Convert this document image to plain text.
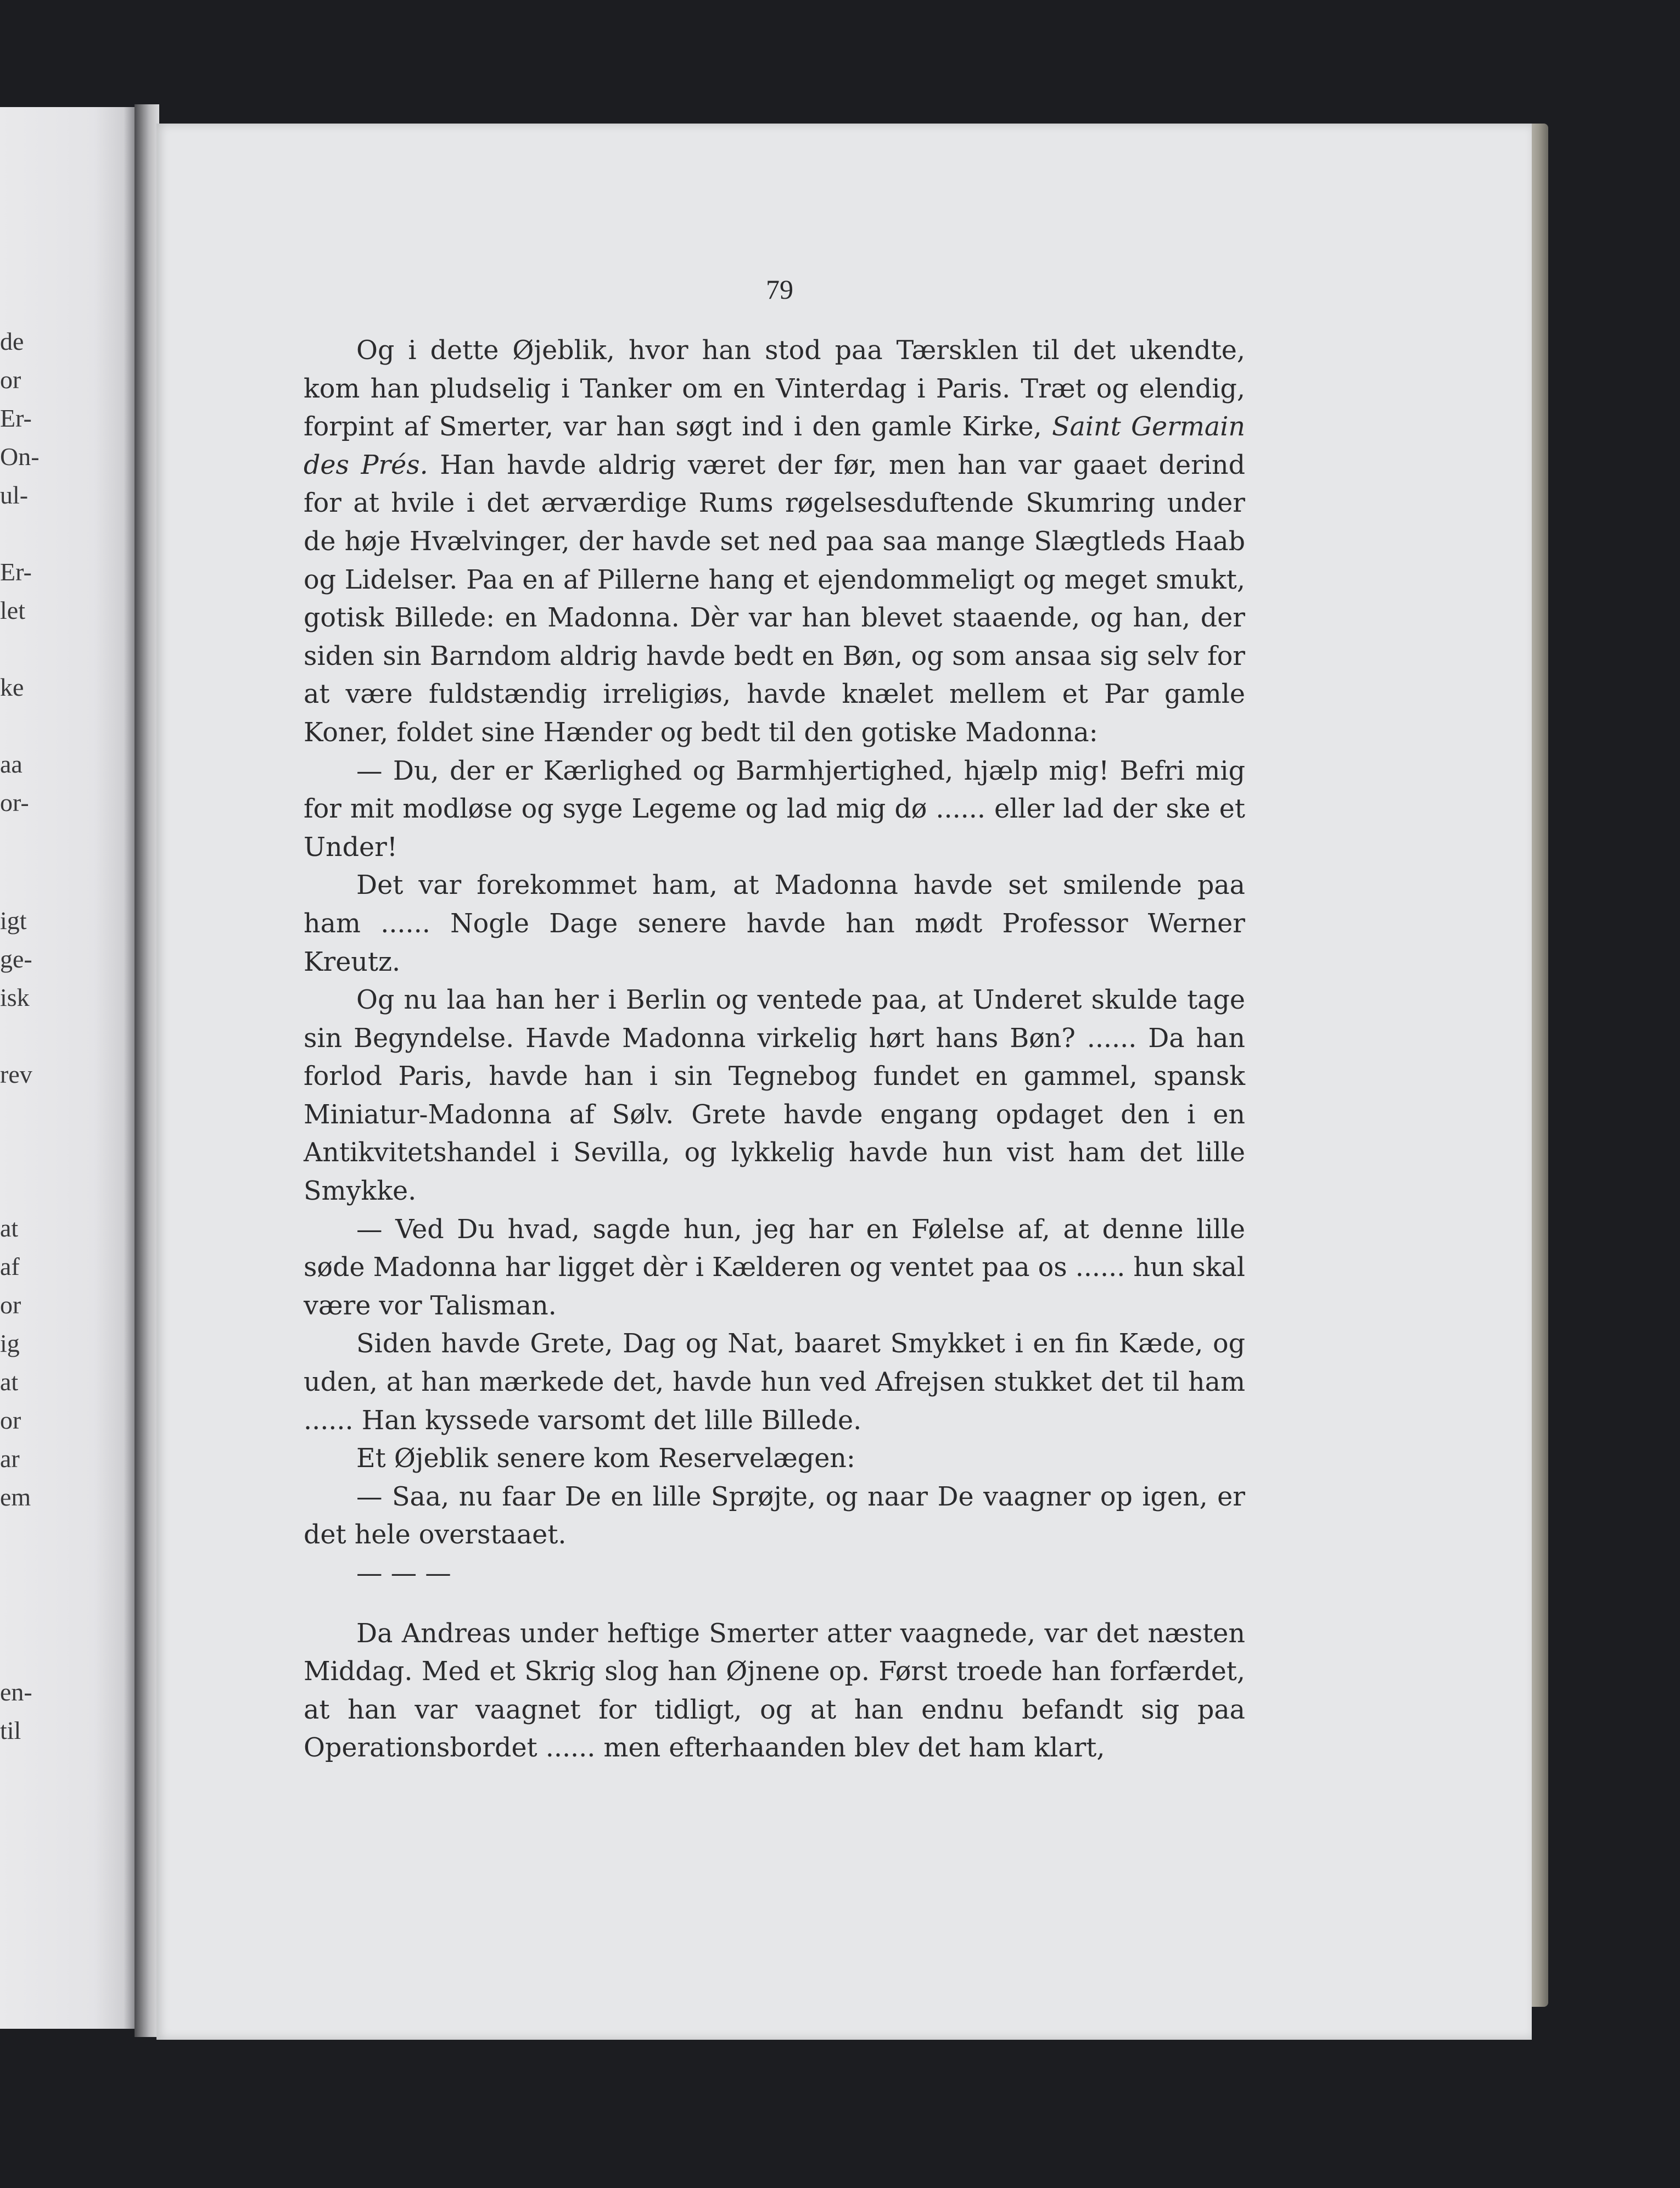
de
or
Er-
On-
ul-
Er-
let
ke
aa
or-
igt
ge-
isk
rev
at
af
or
ig
at
or
ar
em
en-
til
79

Og i dette Øjeblik, hvor han stod paa Tærsklen til det ukendte, kom han pludselig i Tanker om en Vinterdag i Paris. Træt og elendig, forpint af Smerter, var han søgt ind i den gamle Kirke, Saint Germain des Prés. Han havde aldrig været der før, men han var gaaet derind for at hvile i det ærværdige Rums røgelsesduftende Skumring under de høje Hvælvinger, der havde set ned paa saa mange Slægtleds Haab og Lidelser. Paa en af Pillerne hang et ejendommeligt og meget smukt, gotisk Billede: en Madonna. Dèr var han blevet staaende, og han, der siden sin Barndom aldrig havde bedt en Bøn, og som ansaa sig selv for at være fuldstændig irreligiøs, havde knælet mellem et Par gamle Koner, foldet sine Hænder og bedt til den gotiske Madonna:

— Du, der er Kærlighed og Barmhjertighed, hjælp mig! Befri mig for mit modløse og syge Legeme og lad mig dø ...... eller lad der ske et Under!

Det var forekommet ham, at Madonna havde set smilende paa ham ...... Nogle Dage senere havde han mødt Professor Werner Kreutz.

Og nu laa han her i Berlin og ventede paa, at Underet skulde tage sin Begyndelse. Havde Madonna virkelig hørt hans Bøn? ...... Da han forlod Paris, havde han i sin Tegnebog fundet en gammel, spansk Miniatur-Madonna af Sølv. Grete havde engang opdaget den i en Antikvitetshandel i Sevilla, og lykkelig havde hun vist ham det lille Smykke.

— Ved Du hvad, sagde hun, jeg har en Følelse af, at denne lille søde Madonna har ligget dèr i Kælderen og ventet paa os ...... hun skal være vor Talisman.

Siden havde Grete, Dag og Nat, baaret Smykket i en fin Kæde, og uden, at han mærkede det, havde hun ved Afrejsen stukket det til ham ...... Han kyssede varsomt det lille Billede.

Et Øjeblik senere kom Reservelægen:

— Saa, nu faar De en lille Sprøjte, og naar De vaagner op igen, er det hele overstaaet.

— — —

Da Andreas under heftige Smerter atter vaagnede, var det næsten Middag. Med et Skrig slog han Øjnene op. Først troede han forfærdet, at han var vaagnet for tidligt, og at han endnu befandt sig paa Operationsbordet ...... men efterhaanden blev det ham klart,
